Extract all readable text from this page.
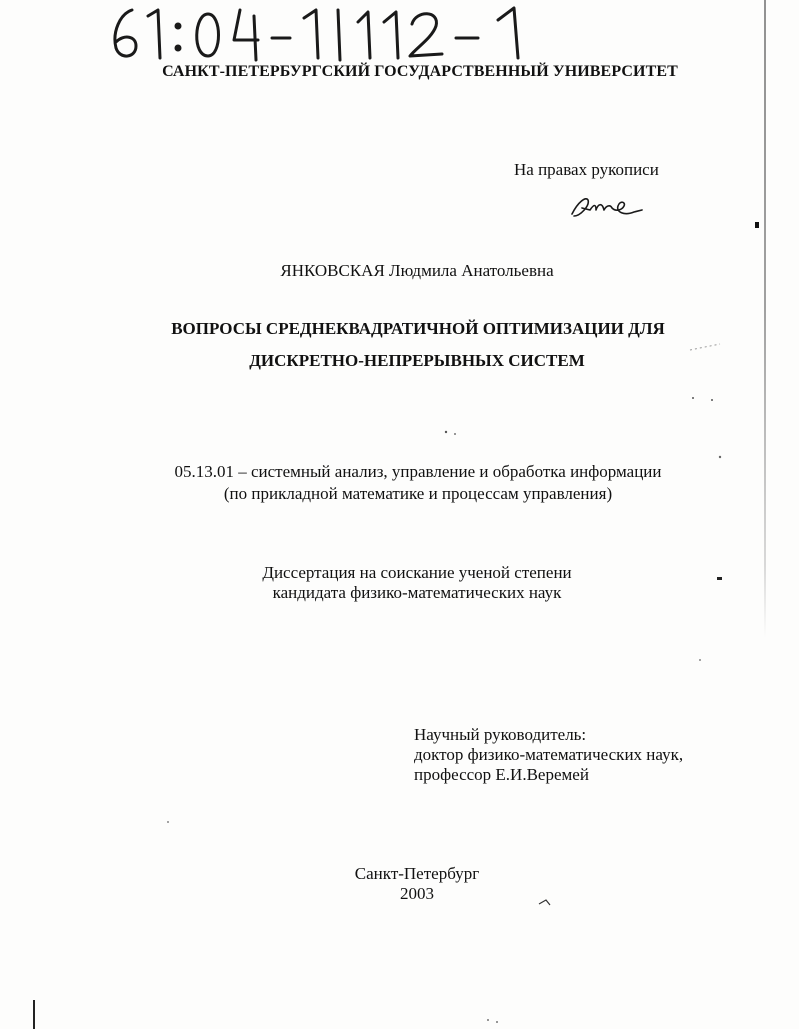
САНКТ-ПЕТЕРБУРГСКИЙ ГОСУДАРСТВЕННЫЙ УНИВЕРСИТЕТ
На правах рукописи
ЯНКОВСКАЯ Людмила Анатольевна
ВОПРОСЫ СРЕДНЕКВАДРАТИЧНОЙ ОПТИМИЗАЦИИ ДЛЯ
ДИСКРЕТНО-НЕПРЕРЫВНЫХ СИСТЕМ
05.13.01 – системный анализ, управление и обработка информации
(по прикладной математике и процессам управления)
Диссертация на соискание ученой степени
кандидата физико-математических наук
Научный руководитель:
доктор физико-математических наук,
профессор Е.И.Веремей
Санкт-Петербург
2003
